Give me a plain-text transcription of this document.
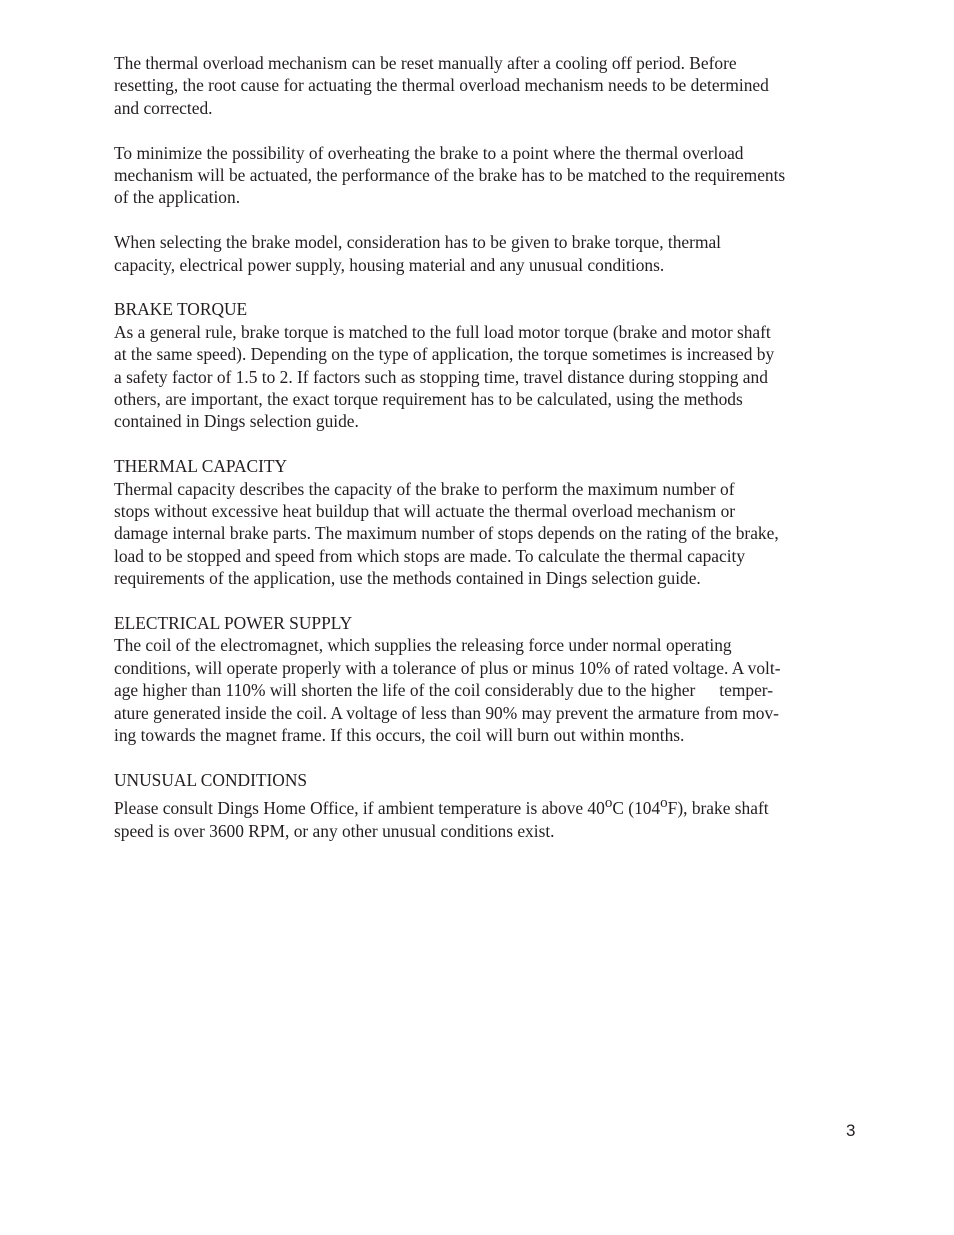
The thermal overload mechanism can be reset manually after a cooling off period. Before
resetting, the root cause for actuating the thermal overload mechanism needs to be determined
and corrected.

To minimize the possibility of overheating the brake to a point where the thermal overload
mechanism will be actuated, the performance of the brake has to be matched to the requirements
of the application.

When selecting the brake model, consideration has to be given to brake torque, thermal
capacity, electrical power supply, housing material and any unusual conditions.

BRAKE TORQUE

As a general rule, brake torque is matched to the full load motor torque (brake and motor shaft
at the same speed). Depending on the type of application, the torque sometimes is increased by
a safety factor of 1.5 to 2. If factors such as stopping time, travel distance during stopping and
others, are important, the exact torque requirement has to be calculated, using the methods
contained in Dings selection guide.

THERMAL CAPACITY

Thermal capacity describes the capacity of the brake to perform the maximum number of
stops without excessive heat buildup that will actuate the thermal overload mechanism or
damage internal brake parts. The maximum number of stops depends on the rating of the brake,
load to be stopped and speed from which stops are made. To calculate the thermal capacity
requirements of the application, use the methods contained in Dings selection guide.

ELECTRICAL POWER SUPPLY

The coil of the electromagnet, which supplies the releasing force under normal operating
conditions, will operate properly with a tolerance of plus or minus 10% of rated voltage. A volt-
age higher than 110% will shorten the life of the coil considerably due to the higher temper-
ature generated inside the coil. A voltage of less than 90% may prevent the armature from mov-
ing towards the magnet frame. If this occurs, the coil will burn out within months.

UNUSUAL CONDITIONS

Please consult Dings Home Office, if ambient temperature is above 40$^o$C (104$^o$F), brake shaft
speed is over 3600 RPM, or any other unusual conditions exist.

3
